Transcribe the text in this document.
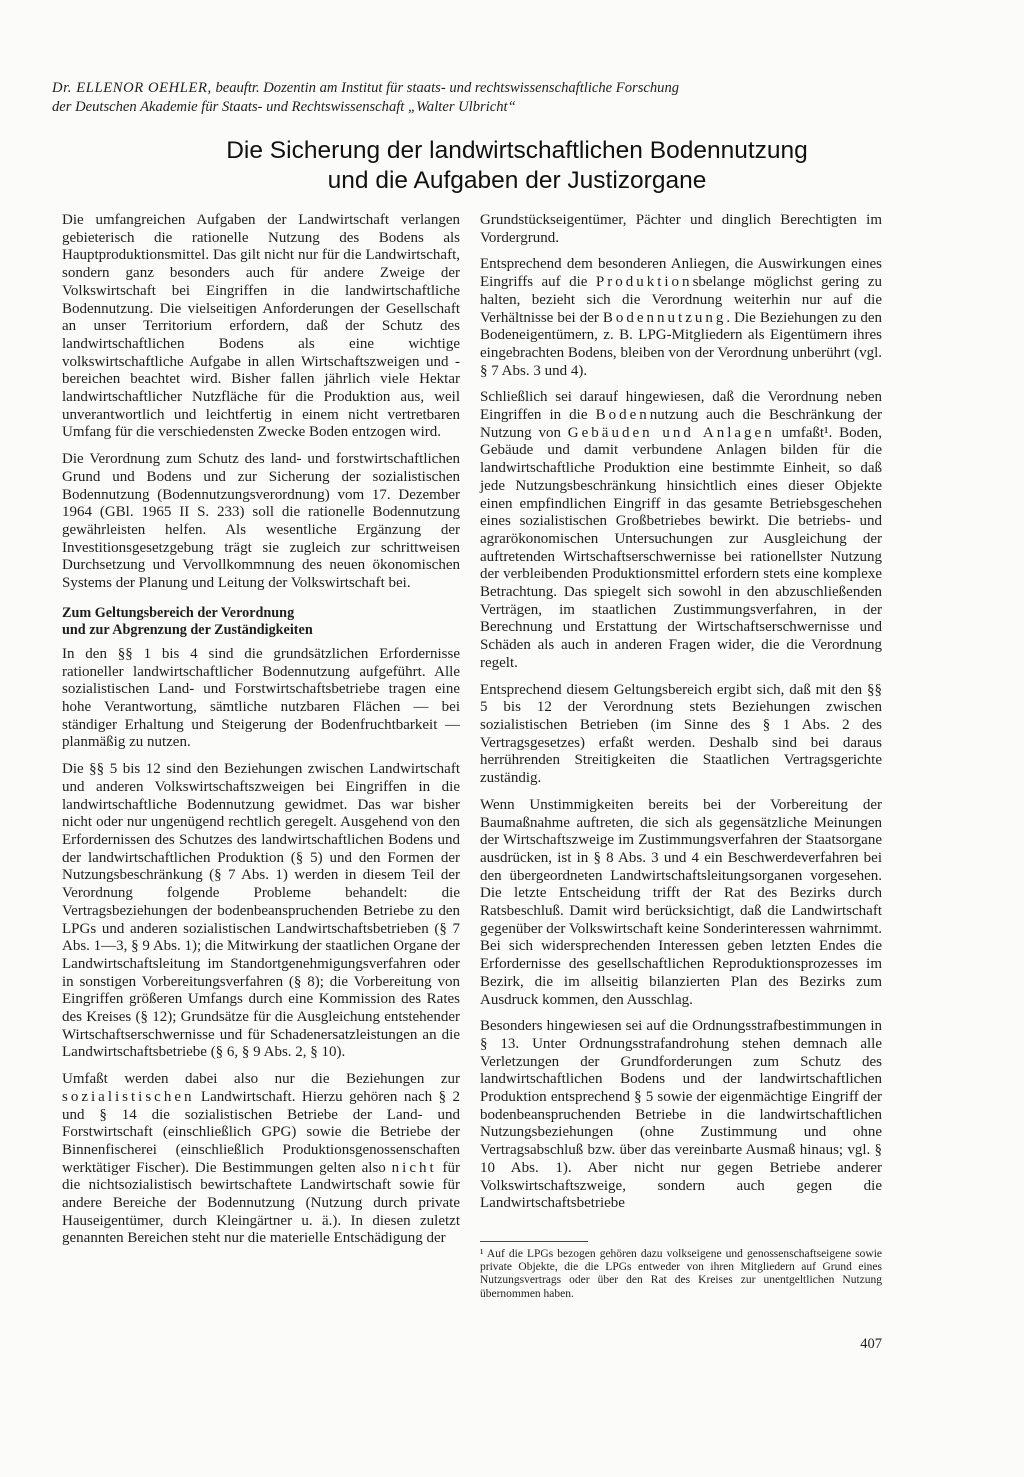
Dr. ELLENOR OEHLER, beauftr. Dozentin am Institut für staats- und rechtswissenschaftliche Forschung
der Deutschen Akademie für Staats- und Rechtswissenschaft „Walter Ulbricht“
Die Sicherung der landwirtschaftlichen Bodennutzung
und die Aufgaben der Justizorgane

Die umfangreichen Aufgaben der Landwirtschaft verlangen gebieterisch die rationelle Nutzung des Bodens als Hauptproduktionsmittel. Das gilt nicht nur für die Landwirtschaft, sondern ganz besonders auch für andere Zweige der Volkswirtschaft bei Eingriffen in die landwirtschaftliche Bodennutzung. Die vielseitigen Anforderungen der Gesellschaft an unser Territorium erfordern, daß der Schutz des landwirtschaftlichen Bodens als eine wichtige volkswirtschaftliche Aufgabe in allen Wirtschaftszweigen und -bereichen beachtet wird. Bisher fallen jährlich viele Hektar landwirtschaftlicher Nutzfläche für die Produktion aus, weil unverantwortlich und leichtfertig in einem nicht vertretbaren Umfang für die verschiedensten Zwecke Boden entzogen wird.

Die Verordnung zum Schutz des land- und forstwirtschaftlichen Grund und Bodens und zur Sicherung der sozialistischen Bodennutzung (Bodennutzungsverordnung) vom 17. Dezember 1964 (GBl. 1965 II S. 233) soll die rationelle Bodennutzung gewährleisten helfen. Als wesentliche Ergänzung der Investitionsgesetzgebung trägt sie zugleich zur schrittweisen Durchsetzung und Vervollkommnung des neuen ökonomischen Systems der Planung und Leitung der Volkswirtschaft bei.

Zum Geltungsbereich der Verordnung
und zur Abgrenzung der Zuständigkeiten

In den §§ 1 bis 4 sind die grundsätzlichen Erfordernisse rationeller landwirtschaftlicher Bodennutzung aufgeführt. Alle sozialistischen Land- und Forstwirtschaftsbetriebe tragen eine hohe Verantwortung, sämtliche nutzbaren Flächen — bei ständiger Erhaltung und Steigerung der Bodenfruchtbarkeit — planmäßig zu nutzen.

Die §§ 5 bis 12 sind den Beziehungen zwischen Landwirtschaft und anderen Volkswirtschaftszweigen bei Eingriffen in die landwirtschaftliche Bodennutzung gewidmet. Das war bisher nicht oder nur ungenügend rechtlich geregelt. Ausgehend von den Erfordernissen des Schutzes des landwirtschaftlichen Bodens und der landwirtschaftlichen Produktion (§ 5) und den Formen der Nutzungsbeschränkung (§ 7 Abs. 1) werden in diesem Teil der Verordnung folgende Probleme behandelt: die Vertragsbeziehungen der bodenbeanspruchenden Betriebe zu den LPGs und anderen sozialistischen Landwirtschaftsbetrieben (§ 7 Abs. 1—3, § 9 Abs. 1); die Mitwirkung der staatlichen Organe der Landwirtschaftsleitung im Standortgenehmigungsverfahren oder in sonstigen Vorbereitungsverfahren (§ 8); die Vorbereitung von Eingriffen größeren Umfangs durch eine Kommission des Rates des Kreises (§ 12); Grundsätze für die Ausgleichung entstehender Wirtschaftserschwernisse und für Schadenersatzleistungen an die Landwirtschaftsbetriebe (§ 6, § 9 Abs. 2, § 10).

Umfaßt werden dabei also nur die Beziehungen zur sozialistischen Landwirtschaft. Hierzu gehören nach § 2 und § 14 die sozialistischen Betriebe der Land- und Forstwirtschaft (einschließlich GPG) sowie die Betriebe der Binnenfischerei (einschließlich Produktionsgenossenschaften werktätiger Fischer). Die Bestimmungen gelten also nicht für die nichtsozialistisch bewirtschaftete Landwirtschaft sowie für andere Bereiche der Bodennutzung (Nutzung durch private Hauseigentümer, durch Kleingärtner u. ä.). In diesen zuletzt genannten Bereichen steht nur die materielle Entschädigung der

Grundstückseigentümer, Pächter und dinglich Berechtigten im Vordergrund.

Entsprechend dem besonderen Anliegen, die Auswirkungen eines Eingriffs auf die Produktionsbelange möglichst gering zu halten, bezieht sich die Verordnung weiterhin nur auf die Verhältnisse bei der Bodennutzung. Die Beziehungen zu den Bodeneigentümern, z. B. LPG-Mitgliedern als Eigentümern ihres eingebrachten Bodens, bleiben von der Verordnung unberührt (vgl. § 7 Abs. 3 und 4).

Schließlich sei darauf hingewiesen, daß die Verordnung neben Eingriffen in die Bodennutzung auch die Beschränkung der Nutzung von Gebäuden und Anlagen umfaßt¹. Boden, Gebäude und damit verbundene Anlagen bilden für die landwirtschaftliche Produktion eine bestimmte Einheit, so daß jede Nutzungsbeschränkung hinsichtlich eines dieser Objekte einen empfindlichen Eingriff in das gesamte Betriebsgeschehen eines sozialistischen Großbetriebes bewirkt. Die betriebs- und agrarökonomischen Untersuchungen zur Ausgleichung der auftretenden Wirtschaftserschwernisse bei rationellster Nutzung der verbleibenden Produktionsmittel erfordern stets eine komplexe Betrachtung. Das spiegelt sich sowohl in den abzuschließenden Verträgen, im staatlichen Zustimmungsverfahren, in der Berechnung und Erstattung der Wirtschaftserschwernisse und Schäden als auch in anderen Fragen wider, die die Verordnung regelt.

Entsprechend diesem Geltungsbereich ergibt sich, daß mit den §§ 5 bis 12 der Verordnung stets Beziehungen zwischen sozialistischen Betrieben (im Sinne des § 1 Abs. 2 des Vertragsgesetzes) erfaßt werden. Deshalb sind bei daraus herrührenden Streitigkeiten die Staatlichen Vertragsgerichte zuständig.

Wenn Unstimmigkeiten bereits bei der Vorbereitung der Baumaßnahme auftreten, die sich als gegensätzliche Meinungen der Wirtschaftszweige im Zustimmungsverfahren der Staatsorgane ausdrücken, ist in § 8 Abs. 3 und 4 ein Beschwerdeverfahren bei den übergeordneten Landwirtschaftsleitungsorganen vorgesehen. Die letzte Entscheidung trifft der Rat des Bezirks durch Ratsbeschluß. Damit wird berücksichtigt, daß die Landwirtschaft gegenüber der Volkswirtschaft keine Sonderinteressen wahrnimmt. Bei sich widersprechenden Interessen geben letzten Endes die Erfordernisse des gesellschaftlichen Reproduktionsprozesses im Bezirk, die im allseitig bilanzierten Plan des Bezirks zum Ausdruck kommen, den Ausschlag.

Besonders hingewiesen sei auf die Ordnungsstrafbestimmungen in § 13. Unter Ordnungsstrafandrohung stehen demnach alle Verletzungen der Grundforderungen zum Schutz des landwirtschaftlichen Bodens und der landwirtschaftlichen Produktion entsprechend § 5 sowie der eigenmächtige Eingriff der bodenbeanspruchenden Betriebe in die landwirtschaftlichen Nutzungsbeziehungen (ohne Zustimmung und ohne Vertragsabschluß bzw. über das vereinbarte Ausmaß hinaus; vgl. § 10 Abs. 1). Aber nicht nur gegen Betriebe anderer Volkswirtschaftszweige, sondern auch gegen die Landwirtschaftsbetriebe

¹ Auf die LPGs bezogen gehören dazu volkseigene und genossenschaftseigene sowie private Objekte, die die LPGs entweder von ihren Mitgliedern auf Grund eines Nutzungsvertrags oder über den Rat des Kreises zur unentgeltlichen Nutzung übernommen haben.
407
